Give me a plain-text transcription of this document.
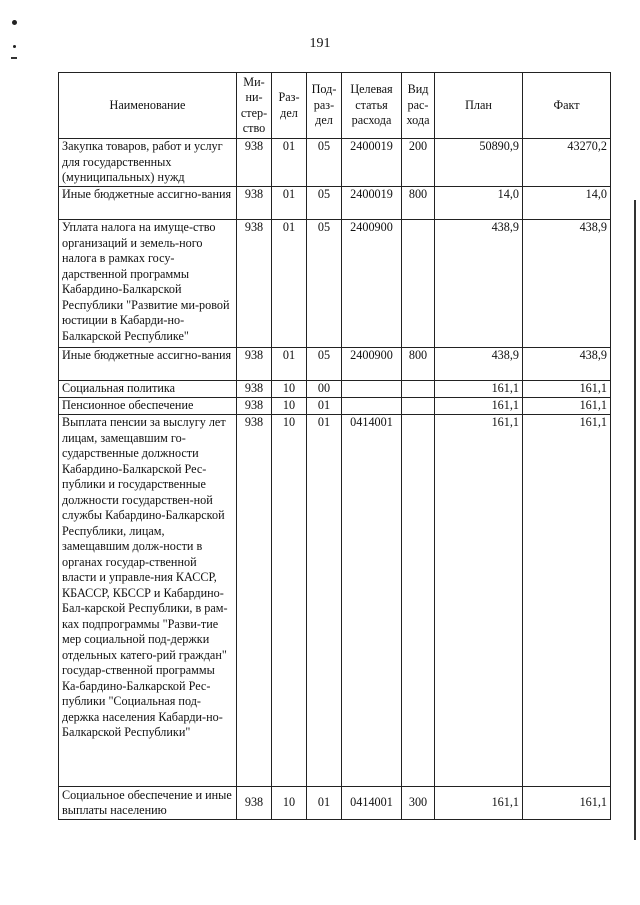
191
Наименование	Ми-ни-стер-ство	Раз-дел	Под-раз-дел	Целевая статья расхода	Вид рас-хода	План	Факт
Закупка товаров, работ и услуг для государственных (муниципальных) нужд	938	01	05	2400019	200	50890,9	43270,2
Иные бюджетные ассигно-вания	938	01	05	2400019	800	14,0	14,0
Уплата налога на имуще-ство организаций и земель-ного налога в рамках госу-дарственной программы Кабардино-Балкарской Республики "Развитие ми-ровой юстиции в Кабарди-но-Балкарской Республике"	938	01	05	2400900		438,9	438,9
Иные бюджетные ассигно-вания	938	01	05	2400900	800	438,9	438,9
Социальная политика	938	10	00			161,1	161,1
Пенсионное обеспечение	938	10	01			161,1	161,1
Выплата пенсии за выслугу лет лицам, замещавшим го-сударственные должности Кабардино-Балкарской Рес-публики и государственные должности государствен-ной службы Кабардино-Балкарской Республики, лицам, замещавшим долж-ности в органах государ-ственной власти и управле-ния КАССР, КБАССР, КБССР и Кабардино-Бал-карской Республики, в рам-ках подпрограммы "Разви-тие мер социальной под-держки отдельных катего-рий граждан" государ-ственной программы Ка-бардино-Балкарской Рес-публики "Социальная под-держка населения Кабарди-но-Балкарской Республики"	938	10	01	0414001		161,1	161,1
Социальное обеспечение и иные выплаты населению	938	10	01	0414001	300	161,1	161,1
